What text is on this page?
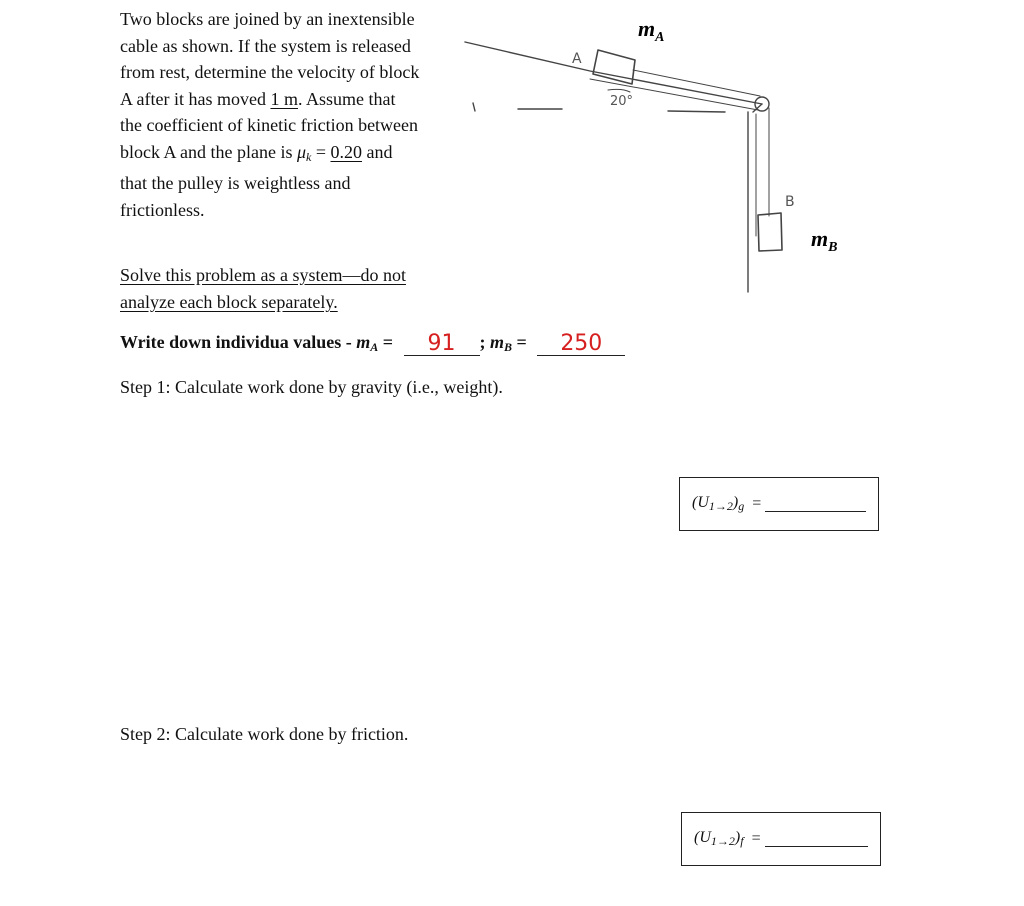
Two blocks are joined by an inextensible cable as shown. If the system is released from rest, determine the velocity of block A after it has moved 1 m. Assume that the coefficient of kinetic friction between block A and the plane is $\mu_k = 0.20$ and that the pulley is weightless and frictionless.

Solve this problem as a system—do not analyze each block separately.

Write down individua values - $m_A = 91$ ; $m_B = 250$

Step 1: Calculate work done by gravity (i.e., weight).

$(U_{1\to 2})_g$ =

Step 2: Calculate work done by friction.

$(U_{1\to 2})_f$ =
$m_A$
A
20°
B
$m_B$
